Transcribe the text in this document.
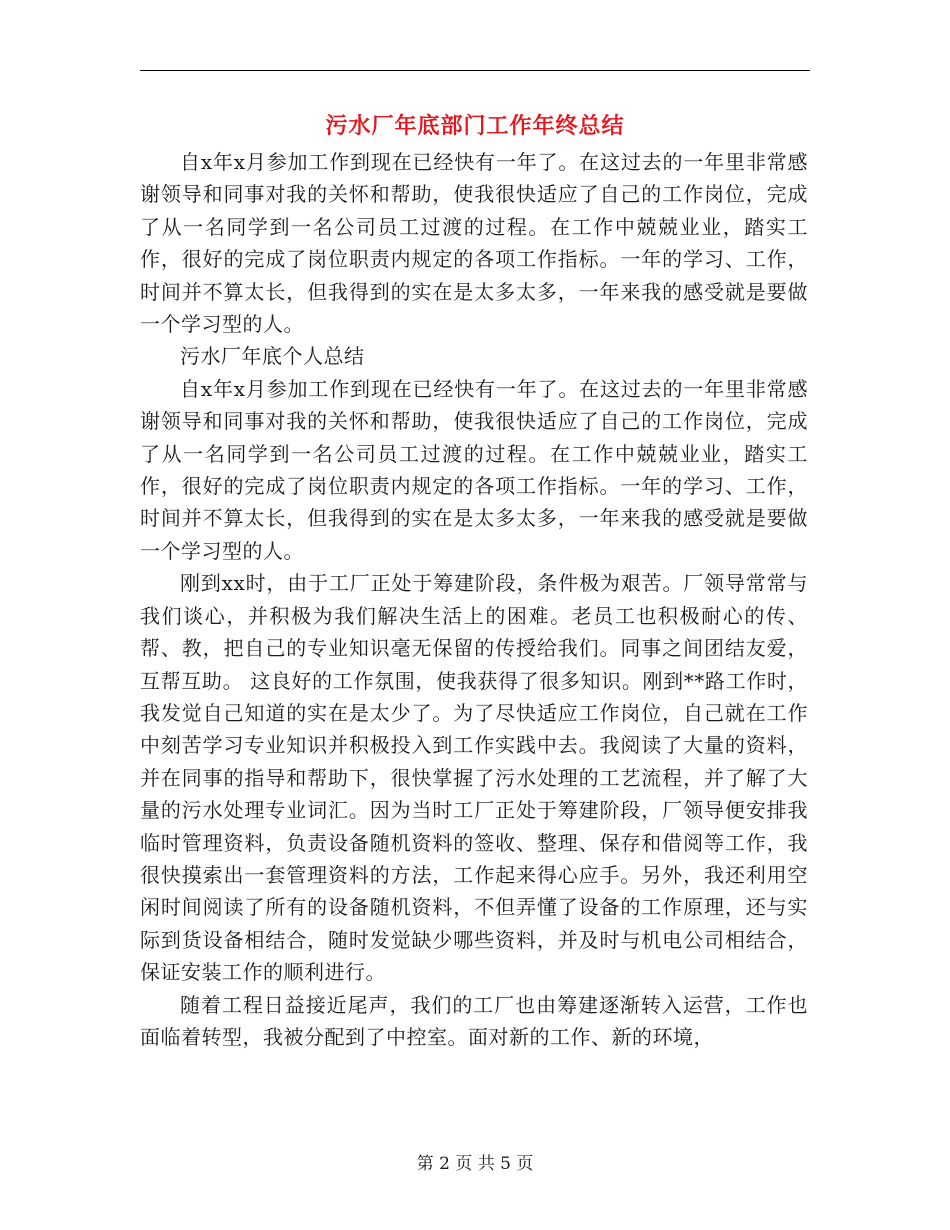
污水厂年底部门工作年终总结

自x年x月参加工作到现在已经快有一年了。在这过去的一年里非常感谢领导和同事对我的关怀和帮助，使我很快适应了自己的工作岗位，完成了从一名同学到一名公司员工过渡的过程。在工作中兢兢业业，踏实工作，很好的完成了岗位职责内规定的各项工作指标。一年的学习、工作，时间并不算太长，但我得到的实在是太多太多，一年来我的感受就是要做一个学习型的人。

污水厂年底个人总结

自x年x月参加工作到现在已经快有一年了。在这过去的一年里非常感谢领导和同事对我的关怀和帮助，使我很快适应了自己的工作岗位，完成了从一名同学到一名公司员工过渡的过程。在工作中兢兢业业，踏实工作，很好的完成了岗位职责内规定的各项工作指标。一年的学习、工作，时间并不算太长，但我得到的实在是太多太多，一年来我的感受就是要做一个学习型的人。

刚到xx时，由于工厂正处于筹建阶段，条件极为艰苦。厂领导常常与我们谈心，并积极为我们解决生活上的困难。老员工也积极耐心的传、帮、教，把自己的专业知识毫无保留的传授给我们。同事之间团结友爱，互帮互助。 这良好的工作氛围，使我获得了很多知识。刚到**路工作时，我发觉自己知道的实在是太少了。为了尽快适应工作岗位，自己就在工作中刻苦学习专业知识并积极投入到工作实践中去。我阅读了大量的资料，并在同事的指导和帮助下，很快掌握了污水处理的工艺流程，并了解了大量的污水处理专业词汇。因为当时工厂正处于筹建阶段，厂领导便安排我临时管理资料，负责设备随机资料的签收、整理、保存和借阅等工作，我很快摸索出一套管理资料的方法，工作起来得心应手。另外，我还利用空闲时间阅读了所有的设备随机资料，不但弄懂了设备的工作原理，还与实际到货设备相结合，随时发觉缺少哪些资料，并及时与机电公司相结合，保证安装工作的顺利进行。

随着工程日益接近尾声，我们的工厂也由筹建逐渐转入运营，工作也面临着转型，我被分配到了中控室。面对新的工作、新的环境，

第 2 页 共 5 页
